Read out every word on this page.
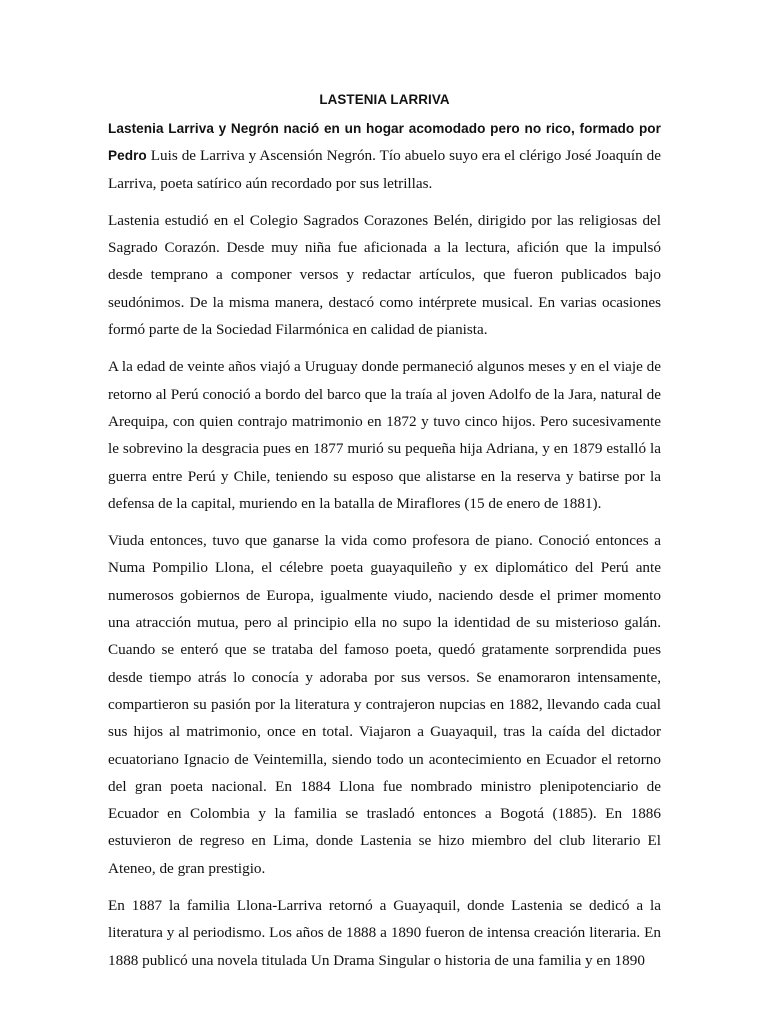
LASTENIA LARRIVA

Lastenia Larriva y Negrón nació en un hogar acomodado pero no rico, formado por Pedro Luis de Larriva y Ascensión Negrón. Tío abuelo suyo era el clérigo José Joaquín de Larriva, poeta satírico aún recordado por sus letrillas.

Lastenia estudió en el Colegio Sagrados Corazones Belén, dirigido por las religiosas del Sagrado Corazón. Desde muy niña fue aficionada a la lectura, afición que la impulsó desde temprano a componer versos y redactar artículos, que fueron publicados bajo seudónimos. De la misma manera, destacó como intérprete musical. En varias ocasiones formó parte de la Sociedad Filarmónica en calidad de pianista.

A la edad de veinte años viajó a Uruguay donde permaneció algunos meses y en el viaje de retorno al Perú conoció a bordo del barco que la traía al joven Adolfo de la Jara, natural de Arequipa, con quien contrajo matrimonio en 1872 y tuvo cinco hijos. Pero sucesivamente le sobrevino la desgracia pues en 1877 murió su pequeña hija Adriana, y en 1879 estalló la guerra entre Perú y Chile, teniendo su esposo que alistarse en la reserva y batirse por la defensa de la capital, muriendo en la batalla de Miraflores (15 de enero de 1881).

Viuda entonces, tuvo que ganarse la vida como profesora de piano. Conoció entonces a Numa Pompilio Llona, el célebre poeta guayaquileño y ex diplomático del Perú ante numerosos gobiernos de Europa, igualmente viudo, naciendo desde el primer momento una atracción mutua, pero al principio ella no supo la identidad de su misterioso galán. Cuando se enteró que se trataba del famoso poeta, quedó gratamente sorprendida pues desde tiempo atrás lo conocía y adoraba por sus versos. Se enamoraron intensamente, compartieron su pasión por la literatura y contrajeron nupcias en 1882, llevando cada cual sus hijos al matrimonio, once en total. Viajaron a Guayaquil, tras la caída del dictador ecuatoriano Ignacio de Veintemilla, siendo todo un acontecimiento en Ecuador el retorno del gran poeta nacional. En 1884 Llona fue nombrado ministro plenipotenciario de Ecuador en Colombia y la familia se trasladó entonces a Bogotá (1885). En 1886 estuvieron de regreso en Lima, donde Lastenia se hizo miembro del club literario El Ateneo, de gran prestigio.

En 1887 la familia Llona-Larriva retornó a Guayaquil, donde Lastenia se dedicó a la literatura y al periodismo. Los años de 1888 a 1890 fueron de intensa creación literaria. En 1888 publicó una novela titulada Un Drama Singular o historia de una familia y en 1890
